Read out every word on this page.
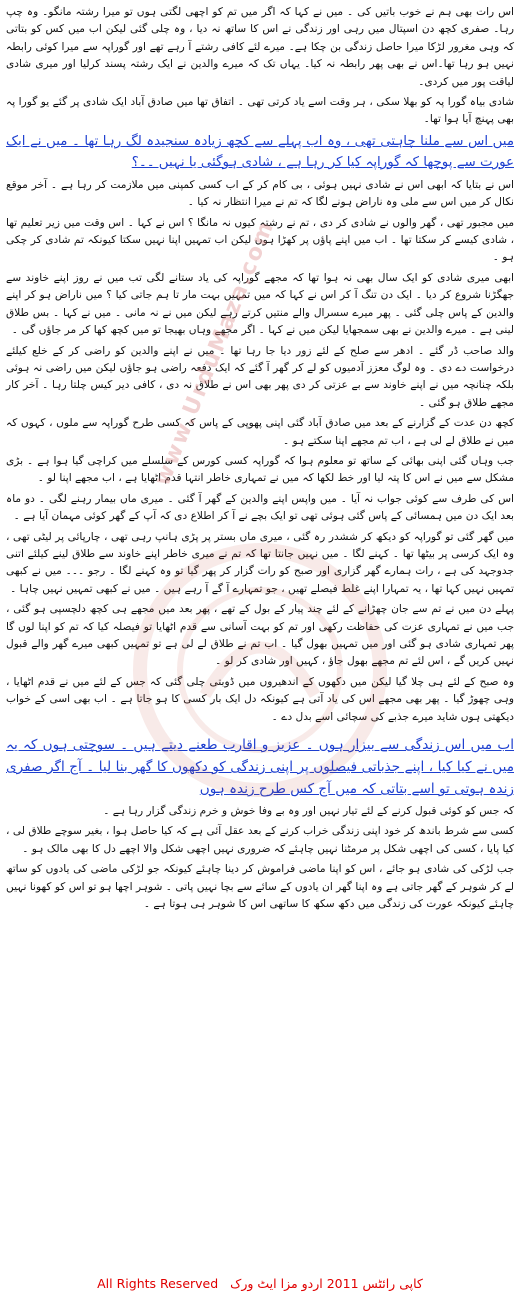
www.UrduMaza.com

اس رات بھی ہم نے خوب باتیں کی ۔ میں نے کہا کہ اگر میں تم کو اچھی لگتی ہوں تو میرا رشتہ مانگو۔ وہ چپ رہا۔ صفری کچھ دن اسپتال میں رہی اور زندگی نے اس کا ساتھ نہ دیا ، وہ چلی گئی لیکن اب میں کس کو بتاتی کہ وہی مغرور لڑکا میرا حاصل زندگی بن چکا ہے۔ میرے لئے کافی رشتے آ رہے تھے اور گوراپہ سے میرا کوئی رابطہ نہیں ہو رہا تھا۔اس نے بھی پھر رابطہ نہ کیا۔ یہاں تک کہ میرے والدین نے ایک رشتہ پسند کرلیا اور میری شادی لیاقت پور میں کردی۔

شادی بیاہ گورا پہ کو بھلا سکی ، ہر وقت اسے یاد کرتی تھی ۔ اتفاق تھا میں صادق آباد ایک شادی پر گئے یو گورا پہ بھی پہنچ آیا ہوا تھا۔

میں اس سے ملنا چاہتی تھی ، وہ اب پہلے سے کچھ زیادہ سنجیدہ لگ رہا تھا ۔ میں نے ایک عورت سے پوچھا کہ گوراپہ کیا کر رہا ہے ، شادی ہوگئی یا نہیں ۔۔؟

اس نے بتایا کہ ابھی اس نے شادی نہیں ہوئی ، بی کام کر کے اب کسی کمپنی میں ملازمت کر رہا ہے ۔ آخر موقع نکال کر میں اس سے ملی وہ ناراض ہونے لگا کہ تم نے میرا انتظار نہ کیا ۔

میں مجبور تھی ، گھر والوں نے شادی کر دی ، تم نے رشتہ کیوں نہ مانگا ؟ اس نے کہا ۔ اس وقت میں زیر تعلیم تھا ، شادی کیسے کر سکتا تھا ۔ اب میں اپنے پاؤں پر کھڑا ہوں لیکن اب تمہیں اپنا نہیں سکتا کیونکہ تم شادی کر چکی ہو ۔

ابھی میری شادی کو ایک سال بھی نہ ہوا تھا کہ مجھے گوراپہ کی یاد ستانے لگی تب میں نے روز اپنے خاوند سے جھگڑنا شروع کر دیا ۔ ایک دن تنگ آ کر اس نے کہا کہ میں تمہیں بہت مار تا ہم جاتی کیا ؟ میں ناراض ہو کر اپنے والدین کے پاس چلی گئی ۔ پھر میرے سسرال والے منتیں کرتے رہے لیکن میں نے نہ مانی ۔ میں نے کہا ۔ بس طلاق لینی ہے ۔ میرے والدین نے بھی سمجھایا لیکن میں نے کہا ۔ اگر مجھے وہاں بھیجا تو میں کچھ کھا کر مر جاؤں گی ۔

والد صاحب ڈر گئے ۔ ادھر سے صلح کے لئے زور دیا جا رہا تھا ۔ میں نے اپنے والدین کو راضی کر کے خلع کیلئے درخواست دے دی ۔ وہ لوگ معزز آدمیوں کو لے کر گھر آ گئے کہ ایک دفعہ راضی ہو جاؤں لیکن میں راضی نہ ہوئی بلکہ چنانچہ میں نے اپنے خاوند سے بے عزتی کر دی پھر بھی اس نے طلاق نہ دی ، کافی دیر کیس چلتا رہا ۔ آخر کار مجھے طلاق ہو گئی ۔

کچھ دن عدت کے گزارنے کے بعد میں صادق آباد گئی اپنی پھوپی کے پاس کہ کسی طرح گوراپہ سے ملوں ، کہوں کہ میں نے طلاق لے لی ہے ، اب تم مجھے اپنا سکتے ہو ۔

جب وہاں گئی اپنی بھائی کے ساتھ تو معلوم ہوا کہ گوراپہ کسی کورس کے سلسلے میں کراچی گیا ہوا ہے ۔ بڑی مشکل سے میں نے اس کا پتہ لیا اور خط لکھا کہ میں نے تمہاری خاطر انتہا قدم اٹھایا ہے ، اب مجھے اپنا لو ۔

اس کی طرف سے کوئی جواب نہ آیا ۔ میں واپس اپنے والدین کے گھر آ گئی ۔ میری ماں بیمار رہنے لگی ۔ دو ماہ بعد ایک دن میں ہمسائی کے پاس گئی ہوئی تھی تو ایک بچے نے آ کر اطلاع دی کہ آپ کے گھر کوئی مہمان آیا ہے ۔

میں گھر گئی تو گوراپہ کو دیکھ کر ششدر رہ گئی ، میری ماں بستر پر پڑی ہانپ رہی تھی ، چارپائی پر لیٹی تھی ، وہ ایک کرسی پر بیٹھا تھا ۔ کہنے لگا ۔ میں نہیں جانتا تھا کہ تم نے میری خاطر اپنے خاوند سے طلاق لینے کیلئے اتنی جدوجہد کی ہے ، رات ہمارے گھر گزاری اور صبح کو رات گزار کر پھر گیا تو وہ کہنے لگا ۔ رجو ۔۔۔ میں نے کبھی تمہیں نہیں کہا تھا ، یہ تمہارا اپنے غلط فیصلے تھیں ، جو تمہارے آ گے آ رہے ہیں ۔ میں نے کبھی تمہیں نہیں چاہا ۔

پہلے دن میں نے تم سے جان چھڑانے کے لئے چند پیار کے بول کے تھے ، پھر بعد میں مجھے ہی کچھ دلچسپی ہو گئی ، جب میں نے تمہاری عزت کی حفاظت رکھی اور تم کو بہت آسانی سے قدم اٹھایا تو فیصلہ کیا کہ تم کو اپنا لوں گا پھر تمہاری شادی ہو گئی اور میں تمہیں بھول گیا ۔ اب تم نے طلاق لے لی ہے تو تمہیں کبھی میرے گھر والے قبول نہیں کریں گے ، اس لئے تم مجھے بھول جاؤ ، کہیں اور شادی کر لو ۔

وہ صبح کے لئے ہی چلا گیا لیکن میں دکھوں کے اندھیروں میں ڈوبتی چلی گئی کہ جس کے لئے میں نے قدم اٹھایا ، وہی چھوڑ گیا ۔ پھر بھی مجھے اس کی یاد آتی ہے کیونکہ دل ایک بار کسی کا ہو جاتا ہے ۔ اب بھی اسی کے خواب دیکھتی ہوں شاید میرے جذبے کی سچائی اسے بدل دے ۔

اب میں اس زندگی سے بیزار ہوں ۔ عزیز و اقارب طعنے دیتے ہیں ۔ سوچتی ہوں کہ یہ میں نے کیا کیا ، اپنے جذباتی فیصلوں پر اپنی زندگی کو دکھوں کا گھر بنا لیا ۔ آج اگر صفری زندہ ہوتی تو اسے بتاتی کہ میں آج کس طرح زندہ ہوں

کہ جس کو کوئی قبول کرنے کے لئے تیار نہیں اور وہ بے وفا خوش و خرم زندگی گزار رہا ہے ۔

کسی سے شرط باندھ کر خود اپنی زندگی خراب کرنے کے بعد عقل آئی ہے کہ کیا حاصل ہوا ، بغیر سوچے طلاق لی ، کیا پایا ، کسی کی اچھی شکل پر مرمٹنا نہیں چاہئے کہ ضروری نہیں اچھی شکل والا اچھے دل کا بھی مالک ہو ۔

جب لڑکی کی شادی ہو جائے ، اس کو اپنا ماضی فراموش کر دینا چاہئے کیونکہ جو لڑکی ماضی کی یادوں کو ساتھ لے کر شوہر کے گھر جاتی ہے وہ اپنا گھر ان یادوں کے سائے سے بچا نہیں پاتی ۔ شوہر اچھا ہو تو اس کو کھونا نہیں چاہئے کیونکہ عورت کی زندگی میں دکھ سکھ کا ساتھی اس کا شوہر ہی ہوتا ہے ۔

All Rights Reserved کاپی رائٹس 2011 اردو مزا ایٹ ورک
